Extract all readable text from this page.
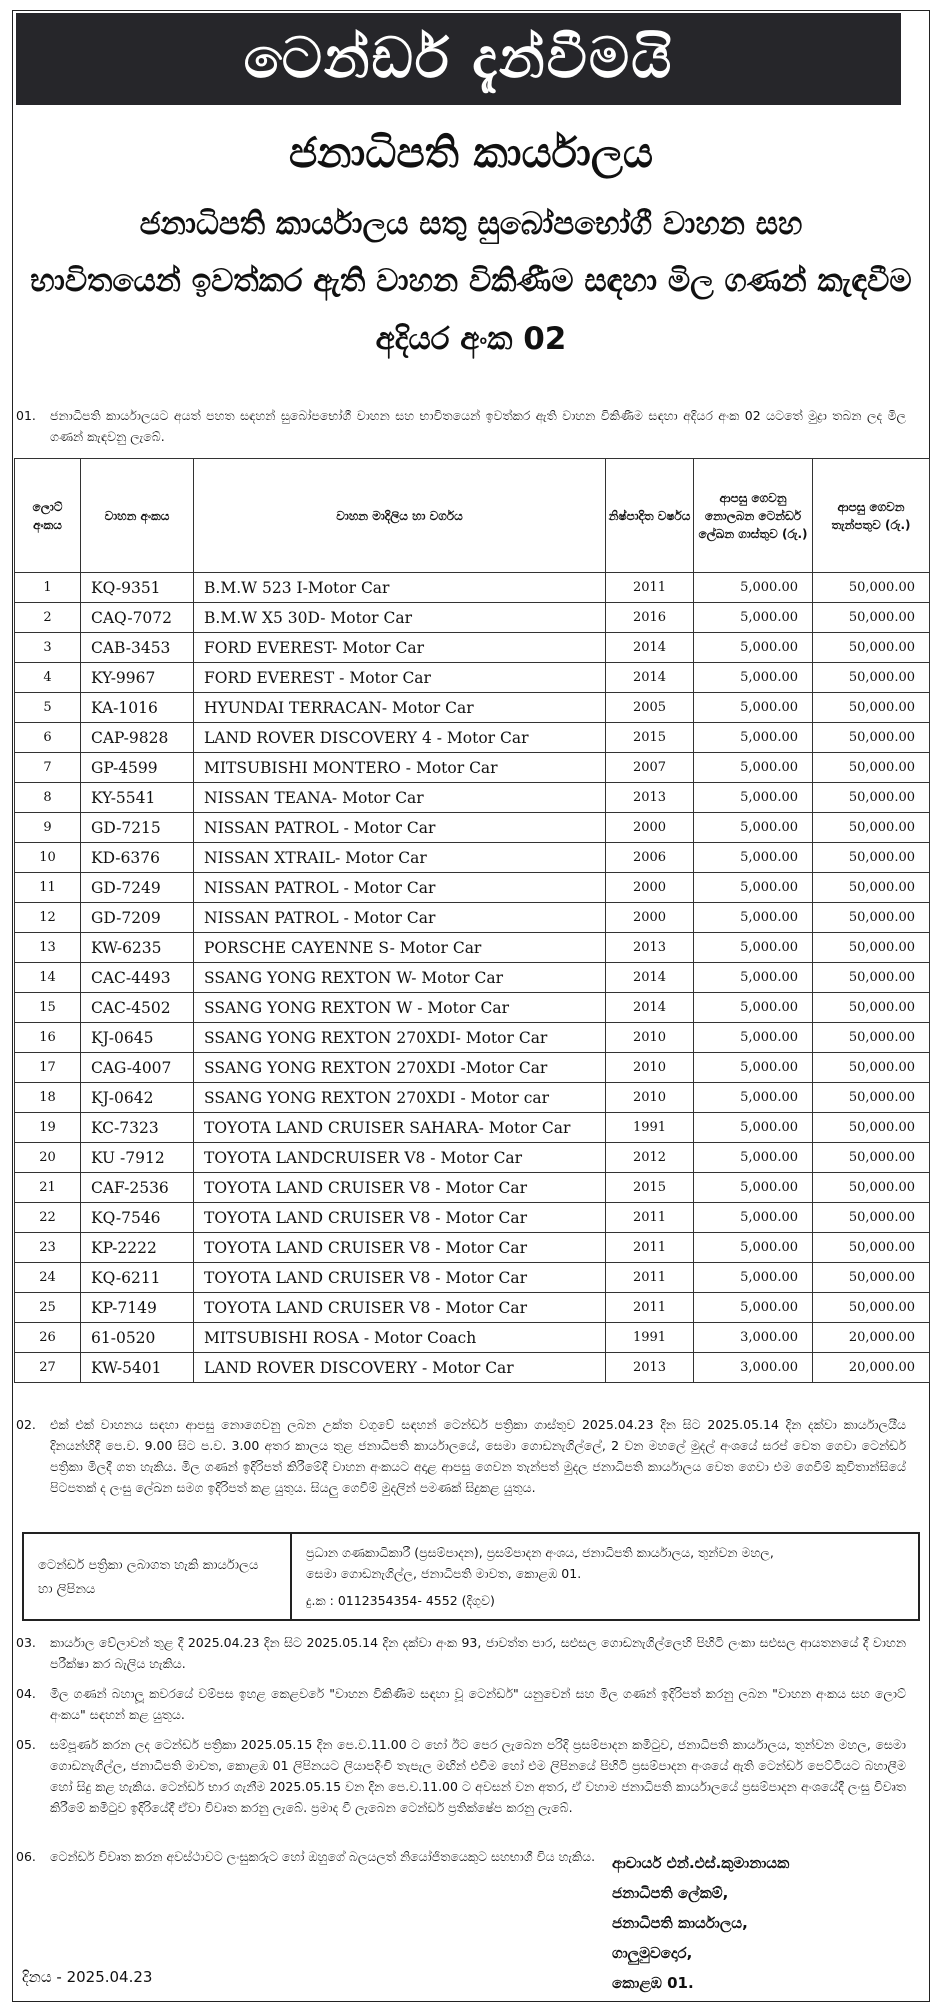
ටෙන්ඩර් දැන්වීමයි
ජනාධිපති කාර්යාලය
ජනාධිපති කාර්යාලය සතු සුබෝපභෝගී වාහන සහ
භාවිතයෙන් ඉවත්කර ඇති වාහන විකිණීම සඳහා මිල ගණන් කැඳවීම
අදියර අංක 02
01.	ජනාධිපති කාර්යාලයට අයත් පහත සඳහන් සුබෝපභෝගී වාහන සහ භාවිතයෙන් ඉවත්කර ඇති වාහන විකිණීම සඳහා අදියර අංක 02 යටතේ මුද්‍රා තබන ලද මිල ගණන් කැඳවනු ලැබේ.
ලොට් අංකය	වාහන අංකය	වාහන මාදිලිය හා වර්ගය	නිෂ්පාදිත වර්ෂය	ආපසු ගෙවනු නොලබන ටෙන්ඩර් ලේඛන ගාස්තුව (රු.)	ආපසු ගෙවන තැන්පතුව (රු.)
1	KQ-9351	B.M.W 523 I-Motor Car	2011	5,000.00	50,000.00
2	CAQ-7072	B.M.W X5 30D- Motor Car	2016	5,000.00	50,000.00
3	CAB-3453	FORD EVEREST- Motor Car	2014	5,000.00	50,000.00
4	KY-9967	FORD EVEREST - Motor Car	2014	5,000.00	50,000.00
5	KA-1016	HYUNDAI TERRACAN- Motor Car	2005	5,000.00	50,000.00
6	CAP-9828	LAND ROVER DISCOVERY 4 - Motor Car	2015	5,000.00	50,000.00
7	GP-4599	MITSUBISHI MONTERO - Motor Car	2007	5,000.00	50,000.00
8	KY-5541	NISSAN TEANA- Motor Car	2013	5,000.00	50,000.00
9	GD-7215	NISSAN PATROL - Motor Car	2000	5,000.00	50,000.00
10	KD-6376	NISSAN XTRAIL- Motor Car	2006	5,000.00	50,000.00
11	GD-7249	NISSAN PATROL - Motor Car	2000	5,000.00	50,000.00
12	GD-7209	NISSAN PATROL - Motor Car	2000	5,000.00	50,000.00
13	KW-6235	PORSCHE CAYENNE S- Motor Car	2013	5,000.00	50,000.00
14	CAC-4493	SSANG YONG REXTON W- Motor Car	2014	5,000.00	50,000.00
15	CAC-4502	SSANG YONG REXTON W - Motor Car	2014	5,000.00	50,000.00
16	KJ-0645	SSANG YONG REXTON 270XDI- Motor Car	2010	5,000.00	50,000.00
17	CAG-4007	SSANG YONG REXTON 270XDI -Motor Car	2010	5,000.00	50,000.00
18	KJ-0642	SSANG YONG REXTON 270XDI - Motor car	2010	5,000.00	50,000.00
19	KC-7323	TOYOTA LAND CRUISER SAHARA- Motor Car	1991	5,000.00	50,000.00
20	KU -7912	TOYOTA LANDCRUISER V8 - Motor Car	2012	5,000.00	50,000.00
21	CAF-2536	TOYOTA LAND CRUISER V8 - Motor Car	2015	5,000.00	50,000.00
22	KQ-7546	TOYOTA LAND CRUISER V8 - Motor Car	2011	5,000.00	50,000.00
23	KP-2222	TOYOTA LAND CRUISER V8 - Motor Car	2011	5,000.00	50,000.00
24	KQ-6211	TOYOTA LAND CRUISER V8 - Motor Car	2011	5,000.00	50,000.00
25	KP-7149	TOYOTA LAND CRUISER V8 - Motor Car	2011	5,000.00	50,000.00
26	61-0520	MITSUBISHI ROSA - Motor Coach	1991	3,000.00	20,000.00
27	KW-5401	LAND ROVER DISCOVERY - Motor Car	2013	3,000.00	20,000.00
02.	එක් එක් වාහනය සඳහා ආපසු නොගෙවනු ලබන උක්ත වගුවේ සඳහන් ටෙන්ඩර් පත්‍රිකා ගාස්තුව 2025.04.23 දින සිට 2025.05.14 දින දක්වා කාර්යාලයීය දිනයන්හිදී පෙ.ව. 9.00 සිට ප.ව. 3.00 අතර කාලය තුළ ජනාධිපති කාර්යාලයේ, සෙමා ගොඩනැගිල්ලේ, 2 වන මහලේ මුදල් අංශයේ සරප් වෙත ගෙවා ටෙන්ඩර් පත්‍රිකා මිලදී ගත හැකිය. මිල ගණන් ඉදිරිපත් කිරීමේදී වාහන අංකයට අදාළ ආපසු ගෙවන තැන්පත් මුදල ජනාධිපති කාර්යාලය වෙත ගෙවා එම ගෙවීම් කුවිතාන්සියේ පිටපතක් ද ලංසු ලේඛන සමග ඉදිරිපත් කළ යුතුය. සියලු ගෙවීම් මුදලින් පමණක් සිදුකළ යුතුය.
ටෙන්ඩර් පත්‍රිකා ලබාගත හැකි කාර්යාලය හා ලිපිනය
ප්‍රධාන ගණකාධිකාරී (ප්‍රසම්පාදන), ප්‍රසම්පාදන අංශය, ජනාධිපති කාර්යාලය, තුන්වන මහල,
සෙමා ගොඩනැගිල්ල, ජනාධිපති මාවත, කොළඹ 01.
දු.ක : 0112354354- 4552 (දිගුව)
03.	කාර්යාල වේලාවන් තුළ දී 2025.04.23 දින සිට 2025.05.14 දින දක්වා අංක 93, ජාවත්ත පාර, සළුසල ගොඩනැගිල්ලෙහි පිහිටි ලංකා සළුසල ආයතනයේ දී වාහන පරීක්ෂා කර බැලිය හැකිය.
04.	මිල ගණන් බහාලූ කවරයේ වම්පස ඉහළ කෙළවරේ "වාහන විකිණීම සඳහා වූ ටෙන්ඩර්" යනුවෙන් සහ මිල ගණන් ඉදිරිපත් කරනු ලබන "වාහන අංකය සහ ලොට් අංකය" සඳහන් කළ යුතුය.
05.	සම්පූර්ණ කරන ලද ටෙන්ඩර් පත්‍රිකා 2025.05.15 දින පෙ.ව.11.00 ට හෝ ඊට පෙර ලැබෙන පරිදි ප්‍රසම්පාදන කමිටුව, ජනාධිපති කාර්යාලය, තුන්වන මහල, සෙමා ගොඩනැගිල්ල, ජනාධිපති මාවත, කොළඹ 01 ලිපිනයට ලියාපදිංචි තැපැල මඟින් එවීම හෝ එම ලිපිනයේ පිහිටි ප්‍රසම්පාදන අංශයේ ඇති ටෙන්ඩර් පෙට්ටියට බහාලීම හෝ සිදු කළ හැකිය. ටෙන්ඩර් භාර ගැනීම 2025.05.15 වන දින පෙ.ව.11.00 ට අවසන් වන අතර, ඒ වහාම ජනාධිපති කාර්යාලයේ ප්‍රසම්පාදන අංශයේදී ලංසු විවෘත කිරීමේ කමිටුව ඉදිරියේදී ඒවා විවෘත කරනු ලැබේ. ප්‍රමාද වී ලැබෙන ටෙන්ඩර් ප්‍රතික්ෂේප කරනු ලැබේ.
06.	ටෙන්ඩර් විවෘත කරන අවස්ථාවට ලංසුකරුට හෝ ඔහුගේ බලයලත් නියෝජිතයෙකුට සහභාගී විය හැකිය.	ආචාර්ය එන්.එස්.කුමානායක
ජනාධිපති ලේකම්,
ජනාධිපති කාර්යාලය,
ගාලුමුවදොර,
කොළඹ 01.
දිනය - 2025.04.23
